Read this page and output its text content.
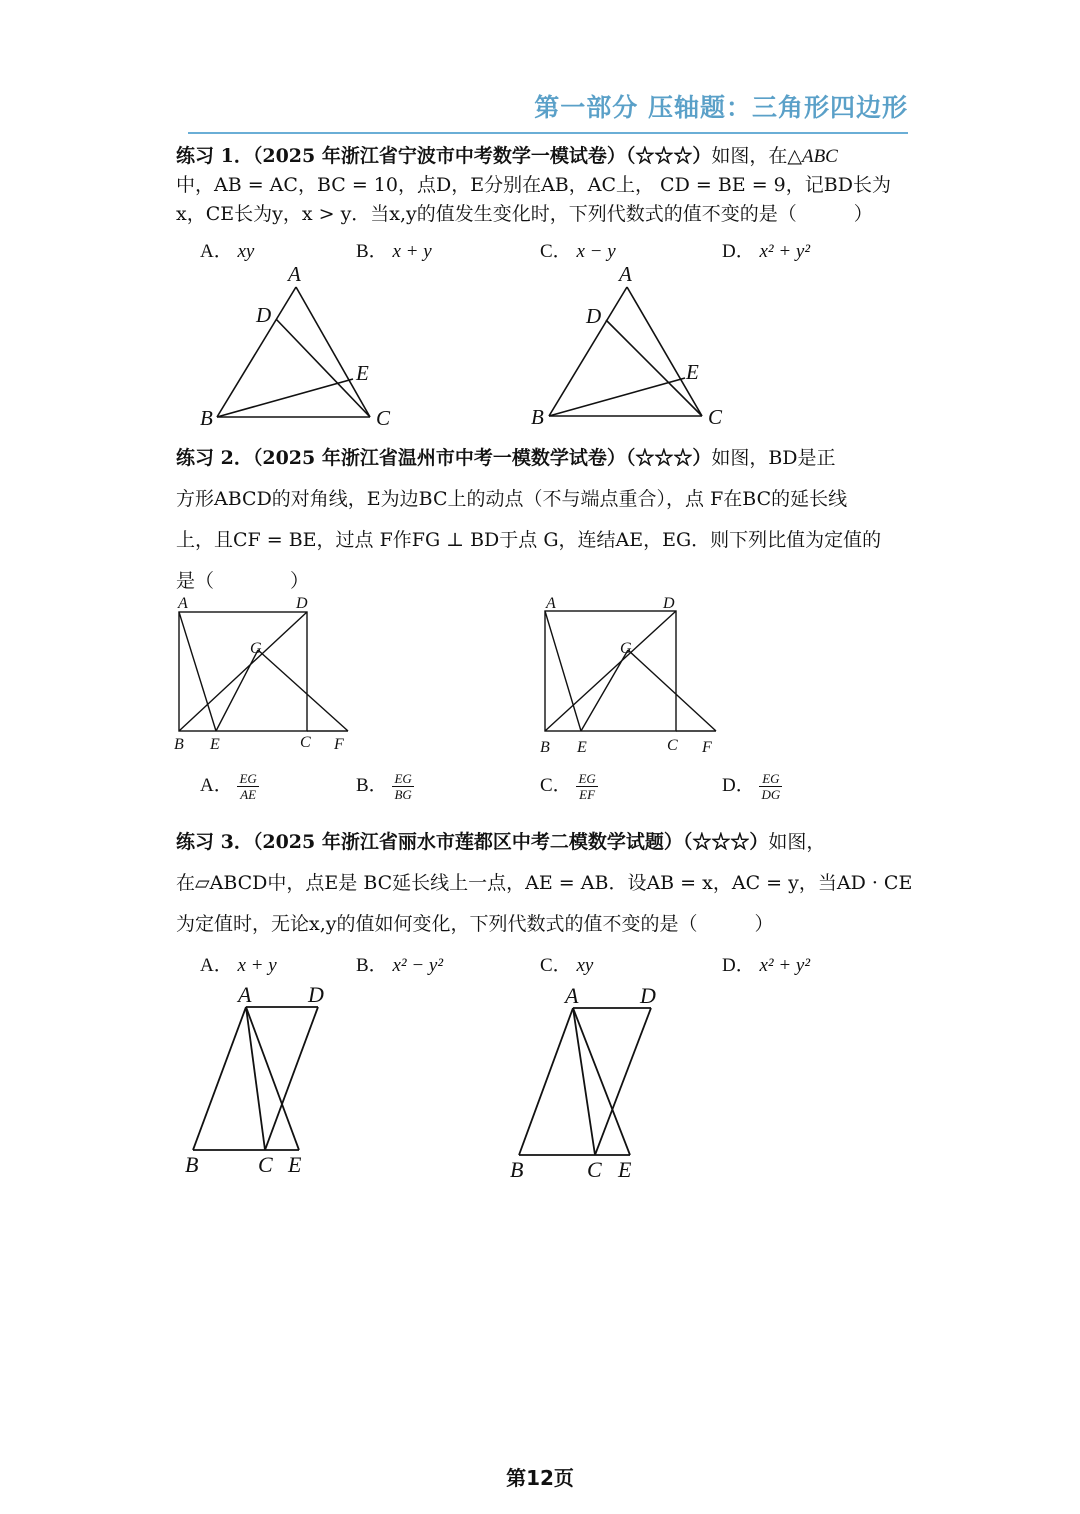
第一部分 压轴题：三角形四边形

练习 1．（2025 年浙江省宁波市中考数学一模试卷）（☆☆☆）如图，在△ABC

中，AB = AC，BC = 10，点D，E分别在AB，AC上， CD = BE = 9，记BD长为

x，CE长为y，x > y．当x,y的值发生变化时，下列代数式的值不变的是（　　　）

A． xy	B． x + y	C． x − y	D． x² + y²
A
D
E
B	C
A
D
E
B	C

练习 2．（2025 年浙江省温州市中考一模数学试卷）（☆☆☆）如图，BD是正

方形ABCD的对角线，E为边BC上的动点（不与端点重合），点 F在BC的延长线

上，且CF = BE，过点 F作FG ⊥ BD于点 G，连结AE，EG．则下列比值为定值的

是（　　　　）

A	D
G
B E	C F
A	D
G
B E	C F
A． $\frac{EG}{AE}$	B． $\frac{EG}{BG}$	C． $\frac{EG}{EF}$	D． $\frac{EG}{DG}$

练习 3．（2025 年浙江省丽水市莲都区中考二模数学试题）（☆☆☆）如图，

在▱ABCD中，点E是 BC延长线上一点，AE = AB．设AB = x，AC = y，当AD · CE

为定值时，无论x,y的值如何变化，下列代数式的值不变的是（　　　）

A． x + y	B． x² − y²	C． xy	D． x² + y²
A	D
B	C E
A	D
B	C E
第12页
